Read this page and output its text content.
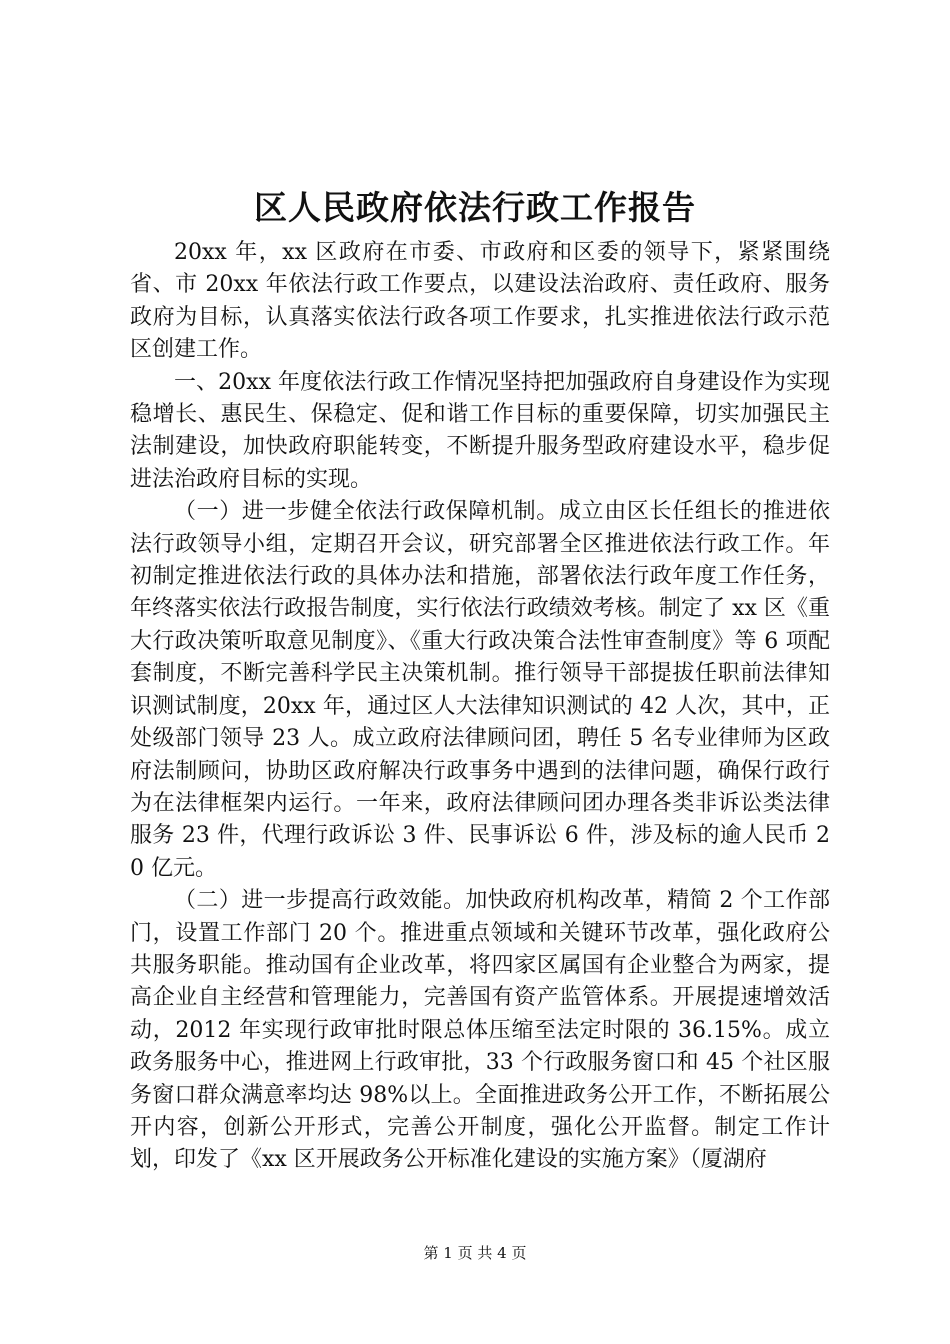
区人民政府依法行政工作报告

20xx 年，xx 区政府在市委、市政府和区委的领导下，紧紧围绕省、市 20xx 年依法行政工作要点，以建设法治政府、责任政府、服务政府为目标，认真落实依法行政各项工作要求，扎实推进依法行政示范区创建工作。

一、20xx 年度依法行政工作情况坚持把加强政府自身建设作为实现稳增长、惠民生、保稳定、促和谐工作目标的重要保障，切实加强民主法制建设，加快政府职能转变，不断提升服务型政府建设水平，稳步促进法治政府目标的实现。

（一）进一步健全依法行政保障机制。成立由区长任组长的推进依法行政领导小组，定期召开会议，研究部署全区推进依法行政工作。年初制定推进依法行政的具体办法和措施，部署依法行政年度工作任务，年终落实依法行政报告制度，实行依法行政绩效考核。制定了 xx 区《重大行政决策听取意见制度》、《重大行政决策合法性审查制度》等 6 项配套制度，不断完善科学民主决策机制。推行领导干部提拔任职前法律知识测试制度，20xx 年，通过区人大法律知识测试的 42 人次，其中，正处级部门领导 23 人。成立政府法律顾问团，聘任 5 名专业律师为区政府法制顾问，协助区政府解决行政事务中遇到的法律问题，确保行政行为在法律框架内运行。一年来，政府法律顾问团办理各类非诉讼类法律服务 23 件，代理行政诉讼 3 件、民事诉讼 6 件，涉及标的逾人民币 20 亿元。

（二）进一步提高行政效能。加快政府机构改革，精简 2 个工作部门，设置工作部门 20 个。推进重点领域和关键环节改革，强化政府公共服务职能。推动国有企业改革，将四家区属国有企业整合为两家，提高企业自主经营和管理能力，完善国有资产监管体系。开展提速增效活动，2012 年实现行政审批时限总体压缩至法定时限的 36.15%。成立政务服务中心，推进网上行政审批，33 个行政服务窗口和 45 个社区服务窗口群众满意率均达 98%以上。全面推进政务公开工作，不断拓展公开内容，创新公开形式，完善公开制度，强化公开监督。制定工作计划，印发了《xx 区开展政务公开标准化建设的实施方案》（厦湖府

第 1 页 共 4 页
